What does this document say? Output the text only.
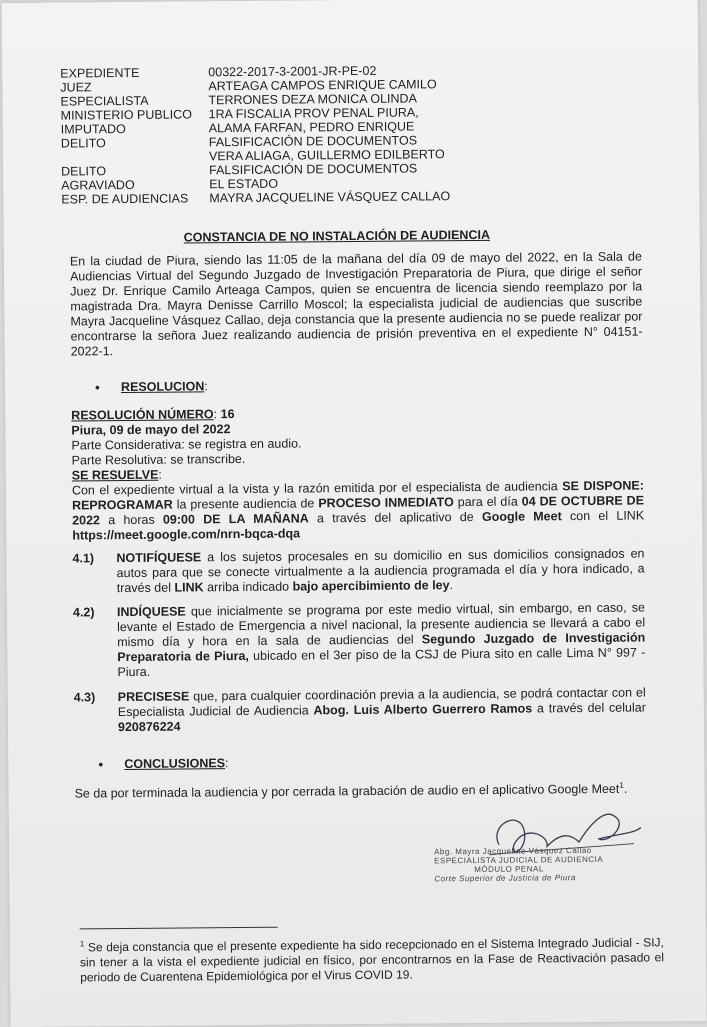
EXPEDIENTE	00322-2017-3-2001-JR-PE-02
JUEZ	ARTEAGA CAMPOS ENRIQUE CAMILO
ESPECIALISTA	TERRONES DEZA MONICA OLINDA
MINISTERIO PUBLICO	1RA FISCALIA PROV PENAL PIURA,
IMPUTADO	ALAMA FARFAN, PEDRO ENRIQUE
DELITO	FALSIFICACIÓN DE DOCUMENTOS
VERA ALIAGA, GUILLERMO EDILBERTO
DELITO	FALSIFICACIÓN DE DOCUMENTOS
AGRAVIADO	EL ESTADO
ESP. DE AUDIENCIAS	MAYRA JACQUELINE VÁSQUEZ CALLAO
CONSTANCIA DE NO INSTALACIÓN DE AUDIENCIA
En la ciudad de Piura, siendo las 11:05 de la mañana del día 09 de mayo del 2022, en la Sala de Audiencias Virtual del Segundo Juzgado de Investigación Preparatoria de Piura, que dirige el señor Juez Dr. Enrique Camilo Arteaga Campos, quien se encuentra de licencia siendo reemplazo por la magistrada Dra. Mayra Denisse Carrillo Moscol; la especialista judicial de audiencias que suscribe Mayra Jacqueline Vásquez Callao, deja constancia que la presente audiencia no se puede realizar por encontrarse la señora Juez realizando audiencia de prisión preventiva en el expediente N° 04151-2022-1.
•	RESOLUCION :
RESOLUCIÓN NÚMERO: 16
Piura, 09 de mayo del 2022
Parte Considerativa: se registra en audio.
Parte Resolutiva: se transcribe.
SE RESUELVE:
Con el expediente virtual a la vista y la razón emitida por el especialista de audiencia SE DISPONE: REPROGRAMAR la presente audiencia de PROCESO INMEDIATO para el día 04 DE OCTUBRE DE 2022 a horas 09:00 DE LA MAÑANA a través del aplicativo de Google Meet con el LINK https://meet.google.com/nrn-bqca-dqa
4.1)	NOTIFÍQUESE a los sujetos procesales en su domicilio en sus domicilios consignados en autos para que se conecte virtualmente a la audiencia programada el día y hora indicado, a través del LINK arriba indicado bajo apercibimiento de ley.
4.2)	INDÍQUESE que inicialmente se programa por este medio virtual, sin embargo, en caso, se levante el Estado de Emergencia a nivel nacional, la presente audiencia se llevará a cabo el mismo día y hora en la sala de audiencias del Segundo Juzgado de Investigación Preparatoria de Piura, ubicado en el 3er piso de la CSJ de Piura sito en calle Lima N° 997 - Piura.
4.3)	PRECISESE que, para cualquier coordinación previa a la audiencia, se podrá contactar con el Especialista Judicial de Audiencia Abog. Luis Alberto Guerrero Ramos a través del celular 920876224
•	CONCLUSIONES :
Se da por terminada la audiencia y por cerrada la grabación de audio en el aplicativo Google Meet$^1$.
Abg. Mayra Jacqueline Vásquez Callao
ESPECIALISTA JUDICIAL DE AUDIENCIA
MÓDULO PENAL
Corte Superior de Justicia de Piura
$^1$ Se deja constancia que el presente expediente ha sido recepcionado en el Sistema Integrado Judicial - SIJ, sin tener a la vista el expediente judicial en físico, por encontrarnos en la Fase de Reactivación pasado el periodo de Cuarentena Epidemiológica por el Virus COVID 19.
